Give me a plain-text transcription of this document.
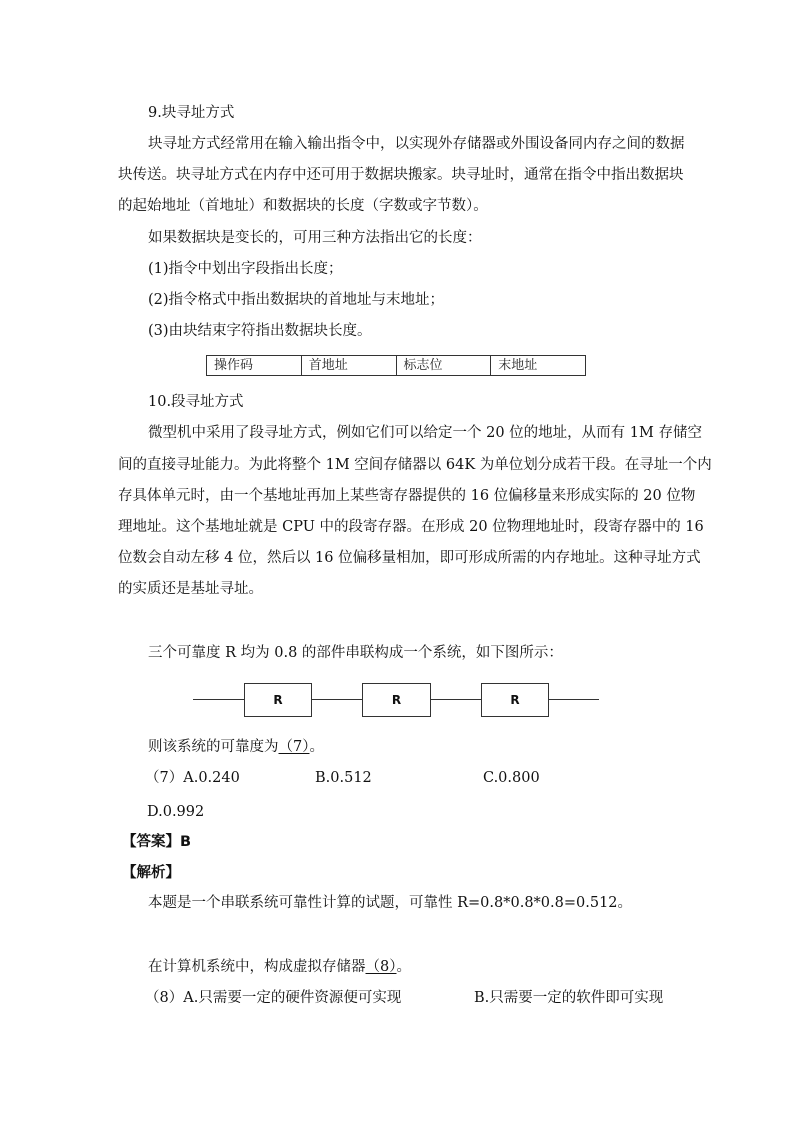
9.块寻址方式
块寻址方式经常用在输入输出指令中，以实现外存储器或外围设备同内存之间的数据
块传送。块寻址方式在内存中还可用于数据块搬家。块寻址时，通常在指令中指出数据块
的起始地址（首地址）和数据块的长度（字数或字节数）。
如果数据块是变长的，可用三种方法指出它的长度：
(1)指令中划出字段指出长度；
(2)指令格式中指出数据块的首地址与末地址；
(3)由块结束字符指出数据块长度。
操作码	首地址	标志位	末地址
10.段寻址方式
微型机中采用了段寻址方式，例如它们可以给定一个 20 位的地址，从而有 1M 存储空
间的直接寻址能力。为此将整个 1M 空间存储器以 64K 为单位划分成若干段。在寻址一个内
存具体单元时，由一个基地址再加上某些寄存器提供的 16 位偏移量来形成实际的 20 位物
理地址。这个基地址就是 CPU 中的段寄存器。在形成 20 位物理地址时，段寄存器中的 16
位数会自动左移 4 位，然后以 16 位偏移量相加，即可形成所需的内存地址。这种寻址方式
的实质还是基址寻址。
三个可靠度 R 均为 0.8 的部件串联构成一个系统，如下图所示：
R	R	R
则该系统的可靠度为（7）。
（7）A.0.240	B.0.512	C.0.800
D.0.992
【答案】B
【解析】
本题是一个串联系统可靠性计算的试题，可靠性 R=0.8*0.8*0.8=0.512。
在计算机系统中，构成虚拟存储器（8）。
（8）A.只需要一定的硬件资源便可实现	B.只需要一定的软件即可实现
